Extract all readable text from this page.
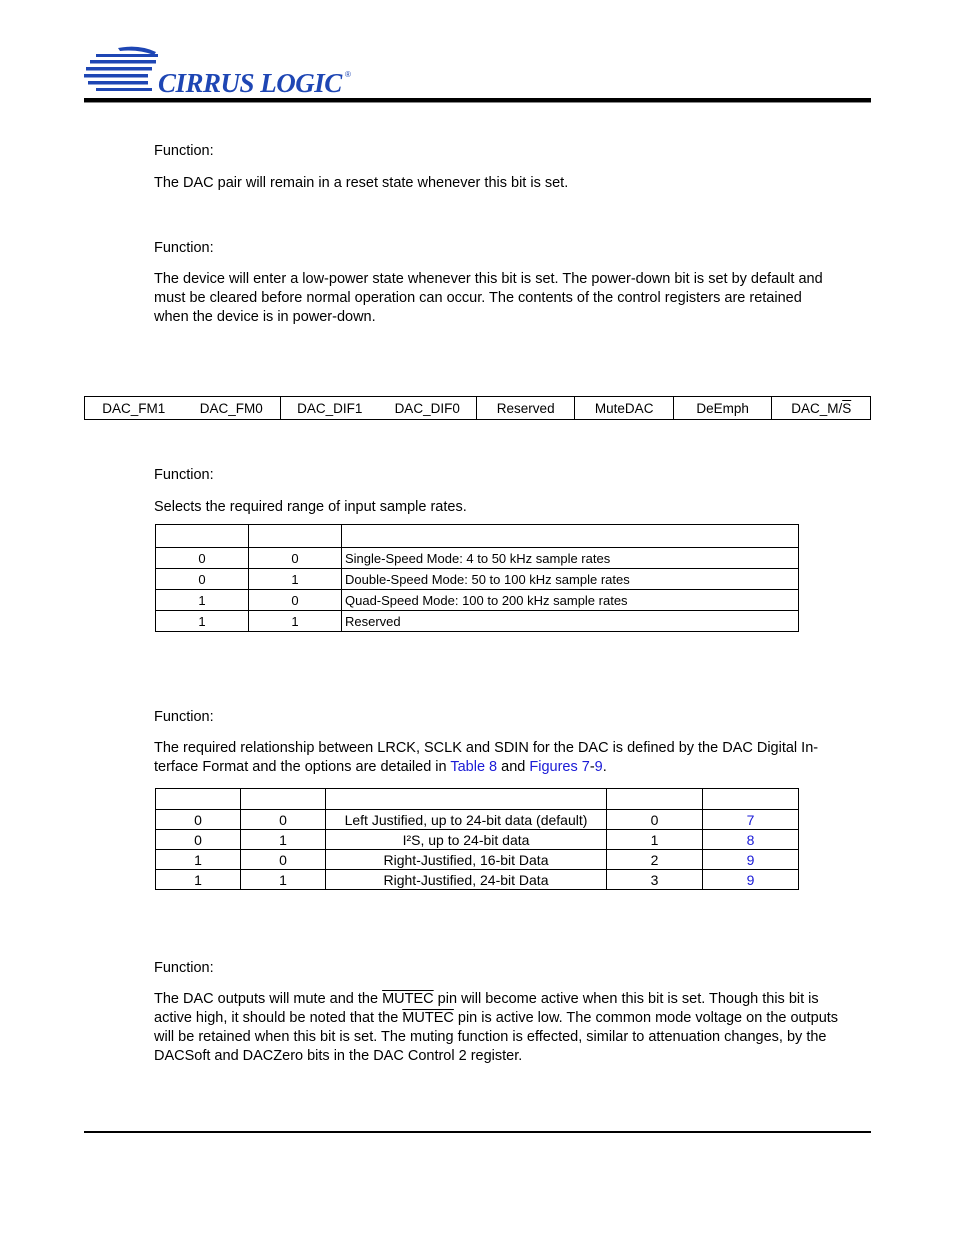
CIRRUS LOGIC ®
Function:
The DAC pair will remain in a reset state whenever this bit is set.
Function:
The device will enter a low-power state whenever this bit is set. The power-down bit is set by default and
must be cleared before normal operation can occur. The contents of the control registers are retained
when the device is in power-down.
DAC_FM1	DAC_FM0	DAC_DIF1	DAC_DIF0	Reserved	MuteDAC	DeEmph	$DAC\_M/\overline{S}$
Function:
Selects the required range of input sample rates.

0	0	Single-Speed Mode: 4 to 50 kHz sample rates
0	1	Double-Speed Mode: 50 to 100 kHz sample rates
1	0	Quad-Speed Mode: 100 to 200 kHz sample rates
1	1	Reserved
Function:
The required relationship between LRCK, SCLK and SDIN for the DAC is defined by the DAC Digital In-
terface Format and the options are detailed in Table 8 and Figures 7-9.

0	0	Left Justified, up to 24-bit data (default)	0	7
0	1	I²S, up to 24-bit data	1	8
1	0	Right-Justified, 16-bit Data	2	9
1	1	Right-Justified, 24-bit Data	3	9
Function:
The DAC outputs will mute and the MUTEC pin will become active when this bit is set. Though this bit is
active high, it should be noted that the MUTEC pin is active low. The common mode voltage on the outputs
will be retained when this bit is set. The muting function is effected, similar to attenuation changes, by the
DACSoft and DACZero bits in the DAC Control 2 register.
